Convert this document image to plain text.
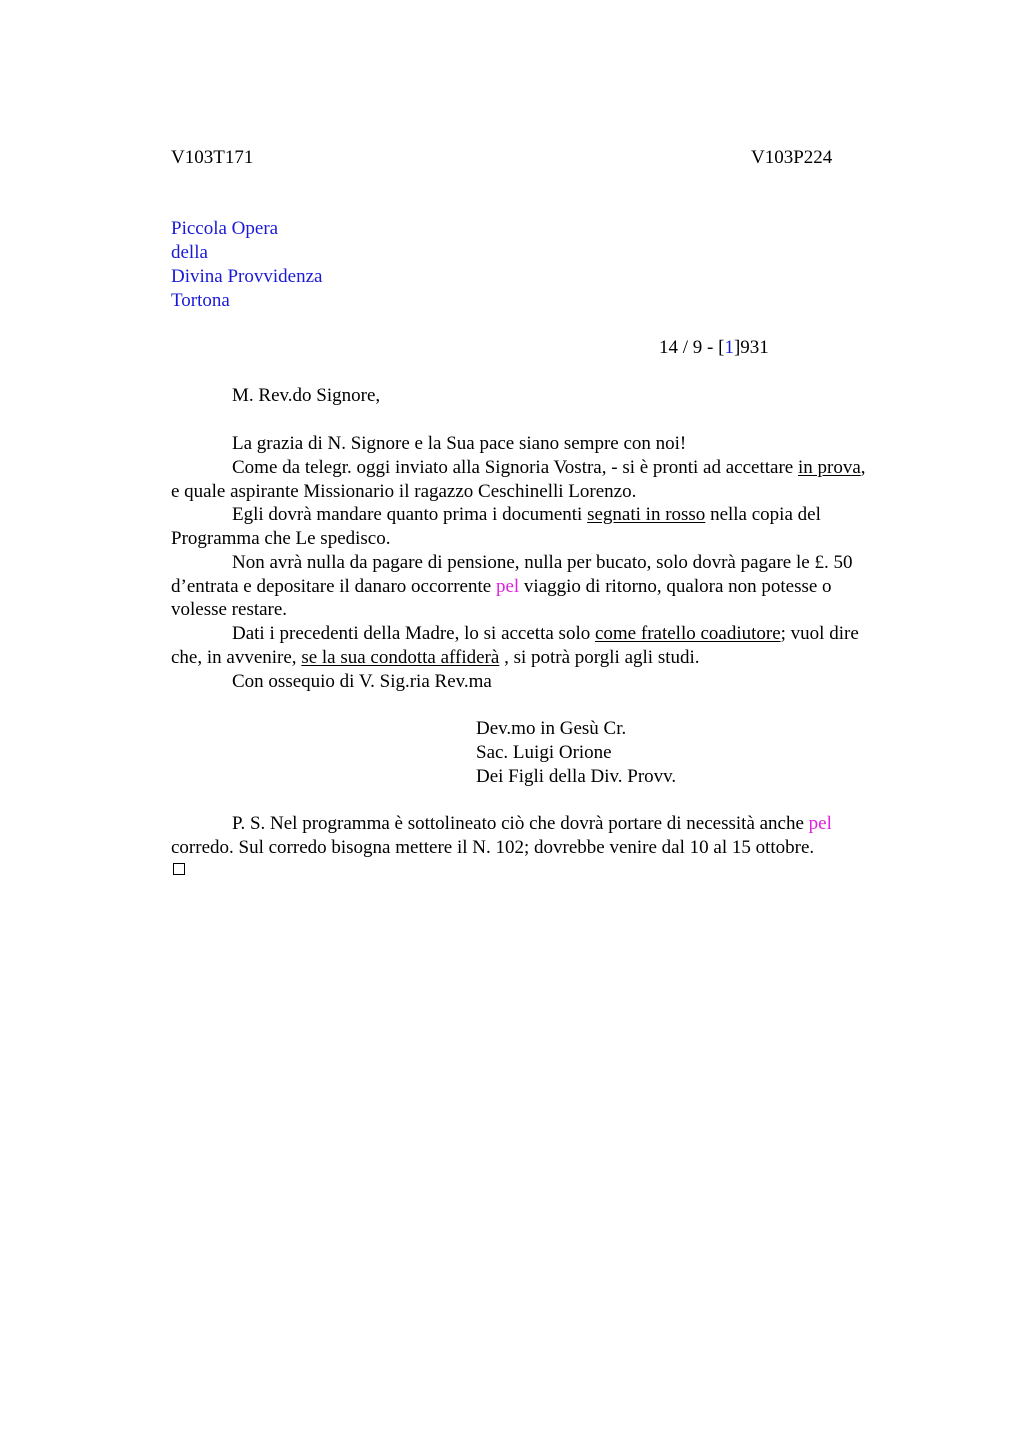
V103T171	V103P224
Piccola Opera
della
Divina Provvidenza
Tortona
14 / 9 - [1]931
M. Rev.do Signore,
La grazia di N. Signore e la Sua pace siano sempre con noi!
Come da telegr. oggi inviato alla Signoria Vostra, - si è pronti ad accettare in prova,
e quale aspirante Missionario il ragazzo Ceschinelli Lorenzo.
Egli dovrà mandare quanto prima i documenti segnati in rosso nella copia del
Programma che Le spedisco.
Non avrà nulla da pagare di pensione, nulla per bucato, solo dovrà pagare le £. 50
d’entrata e depositare il danaro occorrente pel viaggio di ritorno, qualora non potesse o
volesse restare.
Dati i precedenti della Madre, lo si accetta solo come fratello coadiutore; vuol dire
che, in avvenire, se la sua condotta affiderà , si potrà porgli agli studi.
Con ossequio di V. Sig.ria Rev.ma
Dev.mo in Gesù Cr.
Sac. Luigi Orione
Dei Figli della Div. Provv.
P. S. Nel programma è sottolineato ciò che dovrà portare di necessità anche pel
corredo. Sul corredo bisogna mettere il N. 102; dovrebbe venire dal 10 al 15 ottobre.
